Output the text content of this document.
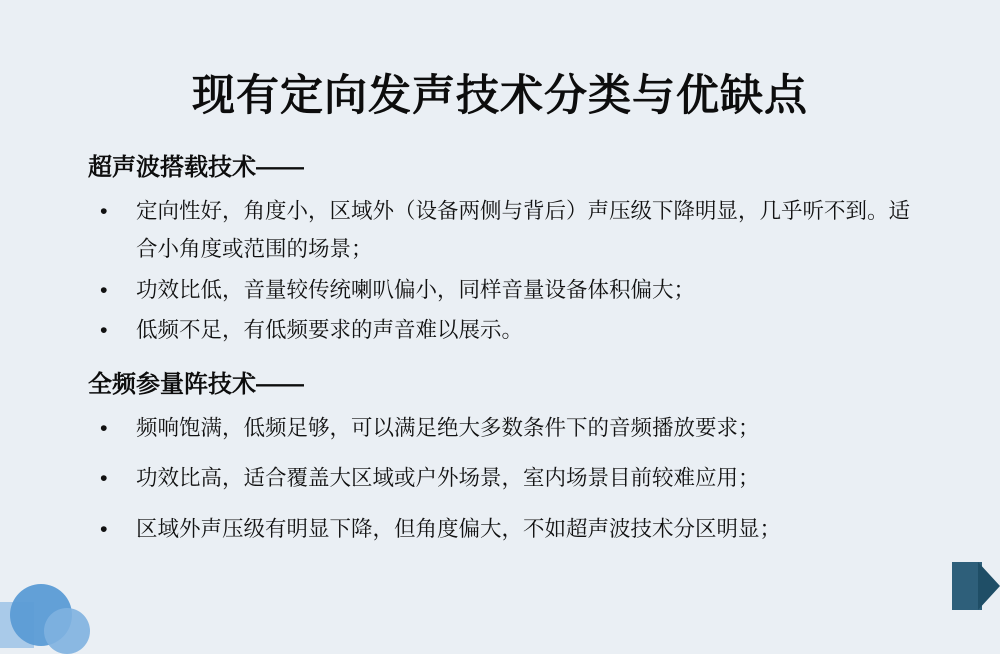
现有定向发声技术分类与优缺点
超声波搭载技术——
• 定向性好，角度小，区域外（设备两侧与背后）声压级下降明显，几乎听不到。适合小角度或范围的场景；
• 功效比低，音量较传统喇叭偏小，同样音量设备体积偏大；
• 低频不足，有低频要求的声音难以展示。
全频参量阵技术——
• 频响饱满，低频足够，可以满足绝大多数条件下的音频播放要求；
• 功效比高，适合覆盖大区域或户外场景，室内场景目前较难应用；
• 区域外声压级有明显下降，但角度偏大，不如超声波技术分区明显；
